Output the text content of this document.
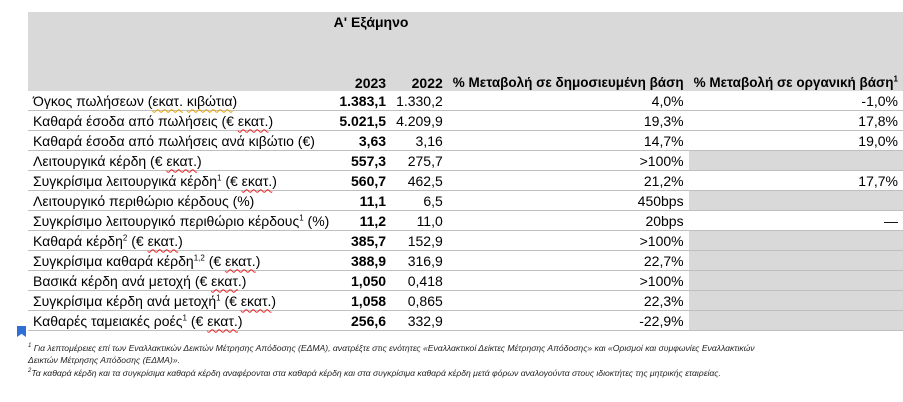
	Α' Εξάμηνο			
	2023	2022	% Μεταβολή σε δημοσιευμένη βάση	% Μεταβολή σε οργανική βάση$^1$
Όγκος πωλήσεων (εκατ. κιβώτια)	1.383,1	1.330,2	4,0%	-1,0%
Καθαρά έσοδα από πωλήσεις (€ εκατ.)	5.021,5	4.209,9	19,3%	17,8%
Καθαρά έσοδα από πωλήσεις ανά κιβώτιο (€)	3,63	3,16	14,7%	19,0%
Λειτουργικά κέρδη (€ εκατ.)	557,3	275,7	>100%	
Συγκρίσιμα λειτουργικά κέρδη$^1$ (€ εκατ.)	560,7	462,5	21,2%	17,7%
Λειτουργικό περιθώριο κέρδους (%)	11,1	6,5	450bps	
Συγκρίσιμο λειτουργικό περιθώριο κέρδους$^1$ (%)	11,2	11,0	20bps	—
Καθαρά κέρδη$^2$ (€ εκατ.)	385,7	152,9	>100%	
Συγκρίσιμα καθαρά κέρδη$^{1,2}$ (€ εκατ.)	388,9	316,9	22,7%	
Βασικά κέρδη ανά μετοχή (€ εκατ.)	1,050	0,418	>100%	
Συγκρίσιμα κέρδη ανά μετοχή$^1$ (€ εκατ.)	1,058	0,865	22,3%	
Καθαρές ταμειακές ροές$^1$ (€ εκατ.)	256,6	332,9	-22,9%	

$^1$ Για λεπτομέρειες επί των Εναλλακτικών Δεικτών Μέτρησης Απόδοσης (ΕΔΜΑ), ανατρέξτε στις ενότητες «Εναλλακτικοί Δείκτες Μέτρησης Απόδοσης» και «Ορισμοί και συμφωνίες Εναλλακτικών Δεικτών Μέτρησης Απόδοσης (ΕΔΜΑ)».

$^2$Τα καθαρά κέρδη και τα συγκρίσιμα καθαρά κέρδη αναφέρονται στα καθαρά κέρδη και στα συγκρίσιμα καθαρά κέρδη μετά φόρων αναλογούντα στους ιδιοκτήτες της μητρικής εταιρείας.
